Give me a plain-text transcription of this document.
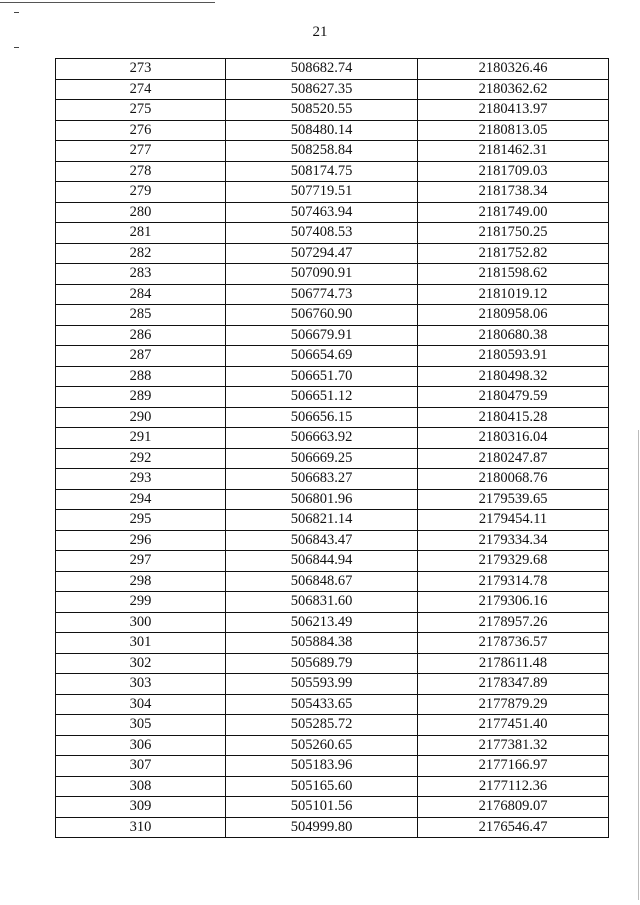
21
273	508682.74	2180326.46
274	508627.35	2180362.62
275	508520.55	2180413.97
276	508480.14	2180813.05
277	508258.84	2181462.31
278	508174.75	2181709.03
279	507719.51	2181738.34
280	507463.94	2181749.00
281	507408.53	2181750.25
282	507294.47	2181752.82
283	507090.91	2181598.62
284	506774.73	2181019.12
285	506760.90	2180958.06
286	506679.91	2180680.38
287	506654.69	2180593.91
288	506651.70	2180498.32
289	506651.12	2180479.59
290	506656.15	2180415.28
291	506663.92	2180316.04
292	506669.25	2180247.87
293	506683.27	2180068.76
294	506801.96	2179539.65
295	506821.14	2179454.11
296	506843.47	2179334.34
297	506844.94	2179329.68
298	506848.67	2179314.78
299	506831.60	2179306.16
300	506213.49	2178957.26
301	505884.38	2178736.57
302	505689.79	2178611.48
303	505593.99	2178347.89
304	505433.65	2177879.29
305	505285.72	2177451.40
306	505260.65	2177381.32
307	505183.96	2177166.97
308	505165.60	2177112.36
309	505101.56	2176809.07
310	504999.80	2176546.47
